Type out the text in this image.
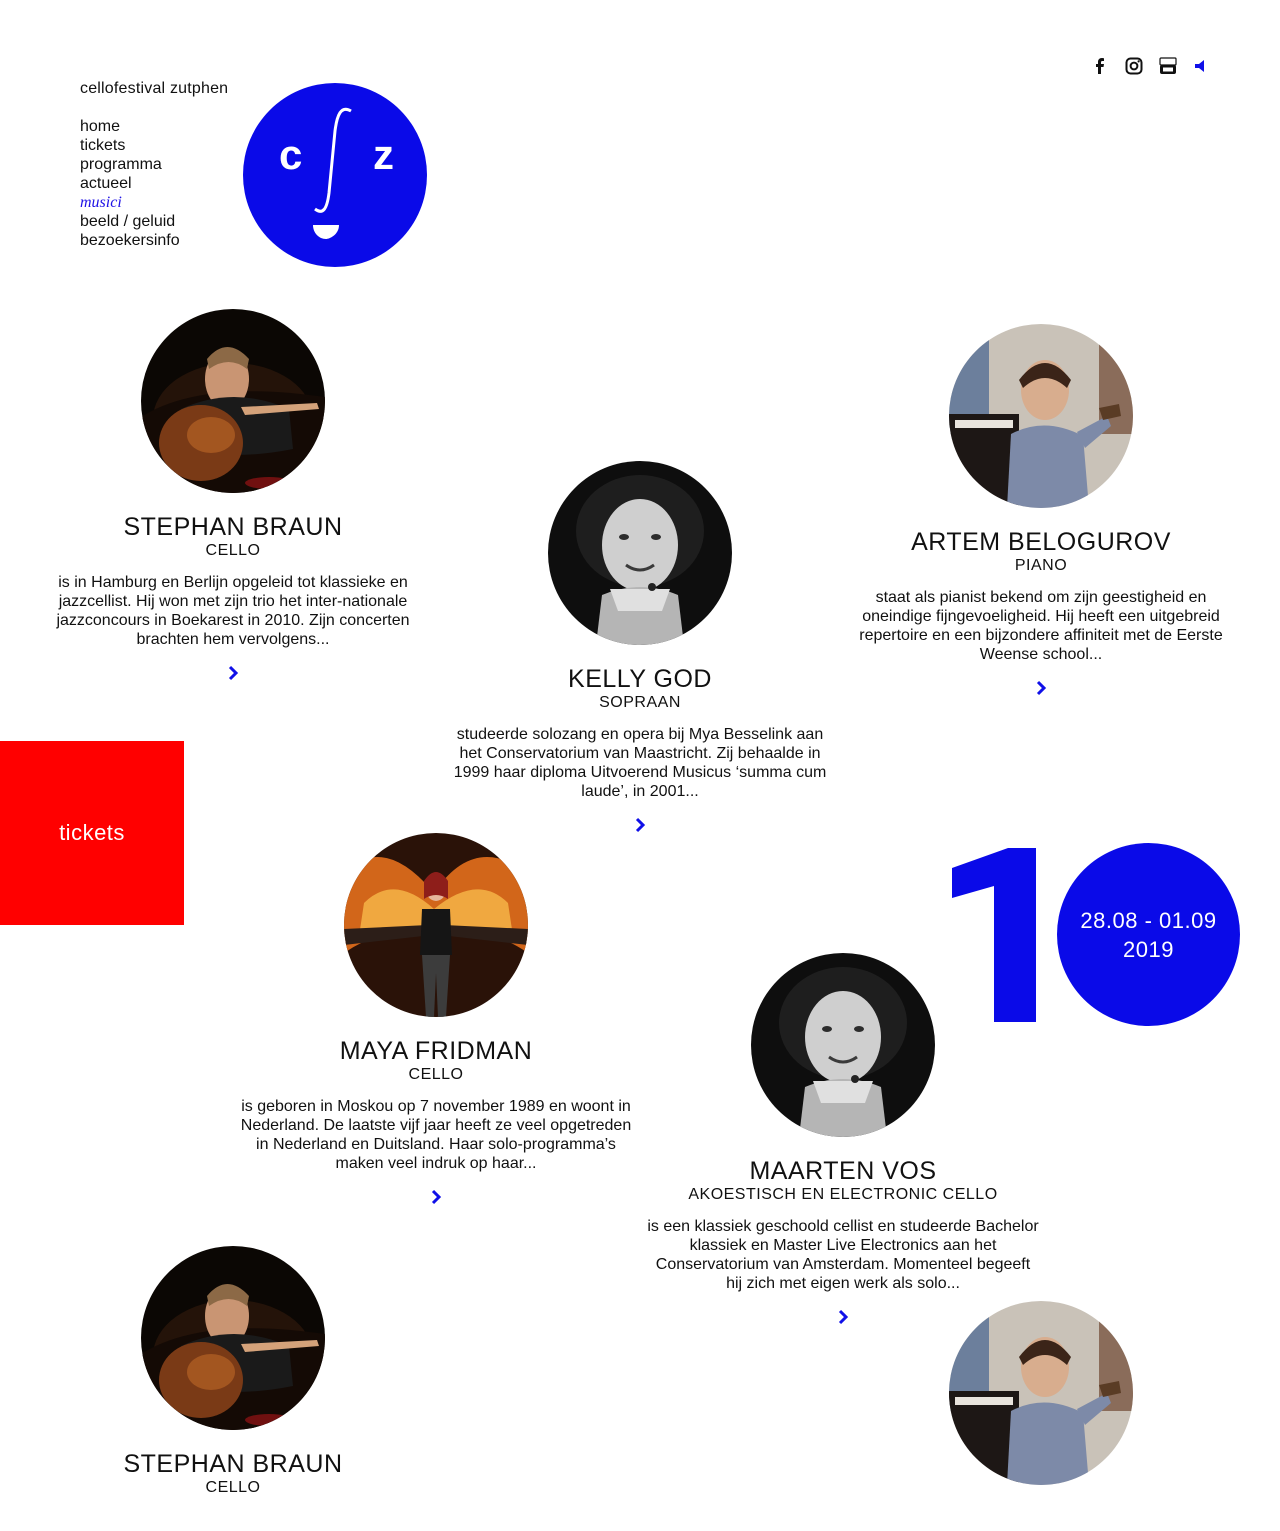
cellofestival zutphen
home
tickets
programma
actueel
musici
beeld / geluid
bezoekersinfo
c z
STEPHAN BRAUN
CELLO
is in Hamburg en Berlijn opgeleid tot klassieke en jazzcellist. Hij won met zijn trio het inter-nationale jazzconcours in Boekarest in 2010. Zijn concerten brachten hem vervolgens...
KELLY GOD
SOPRAAN
studeerde solozang en opera bij Mya Besselink aan het Conservatorium van Maastricht. Zij behaalde in 1999 haar diploma Uitvoerend Musicus ‘summa cum laude’, in 2001...
ARTEM BELOGUROV
PIANO
staat als pianist bekend om zijn geestigheid en oneindige fijngevoeligheid. Hij heeft een uitgebreid repertoire en een bijzondere affiniteit met de Eerste Weense school...
tickets
28.08 - 01.09
2019
MAYA FRIDMAN
CELLO
is geboren in Moskou op 7 november 1989 en woont in Nederland. De laatste vijf jaar heeft ze veel opgetreden in Nederland en Duitsland. Haar solo-programma’s maken veel indruk op haar...	MAARTEN VOS
AKOESTISCH EN ELECTRONIC CELLO
is een klassiek geschoold cellist en studeerde Bachelor klassiek en Master Live Electronics aan het Conservatorium van Amsterdam. Momenteel begeeft hij zich met eigen werk als solo...
STEPHAN BRAUN
CELLO
